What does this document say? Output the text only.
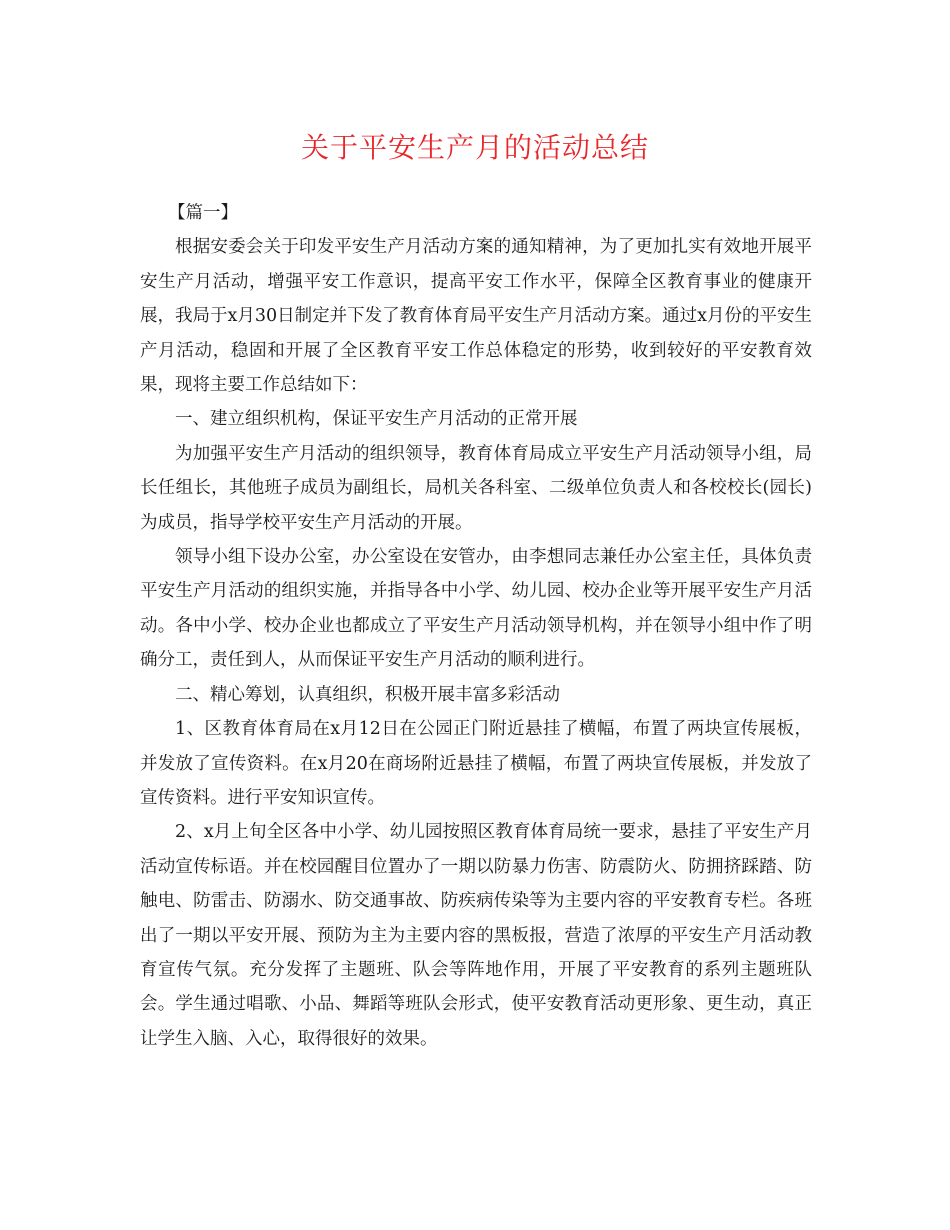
关于平安生产月的活动总结

【篇一】

根据安委会关于印发平安生产月活动方案的通知精神，为了更加扎实有效地开展平安生产月活动，增强平安工作意识，提高平安工作水平，保障全区教育事业的健康开展，我局于x月30日制定并下发了教育体育局平安生产月活动方案。通过x月份的平安生产月活动，稳固和开展了全区教育平安工作总体稳定的形势，收到较好的平安教育效果，现将主要工作总结如下：

一、建立组织机构，保证平安生产月活动的正常开展

为加强平安生产月活动的组织领导，教育体育局成立平安生产月活动领导小组，局长任组长，其他班子成员为副组长，局机关各科室、二级单位负责人和各校校长(园长)为成员，指导学校平安生产月活动的开展。

领导小组下设办公室，办公室设在安管办，由李想同志兼任办公室主任，具体负责平安生产月活动的组织实施，并指导各中小学、幼儿园、校办企业等开展平安生产月活动。各中小学、校办企业也都成立了平安生产月活动领导机构，并在领导小组中作了明确分工，责任到人，从而保证平安生产月活动的顺利进行。

二、精心筹划，认真组织，积极开展丰富多彩活动

1、区教育体育局在x月12日在公园正门附近悬挂了横幅，布置了两块宣传展板，并发放了宣传资料。在x月20在商场附近悬挂了横幅，布置了两块宣传展板，并发放了宣传资料。进行平安知识宣传。

2、x月上旬全区各中小学、幼儿园按照区教育体育局统一要求，悬挂了平安生产月活动宣传标语。并在校园醒目位置办了一期以防暴力伤害、防震防火、防拥挤踩踏、防触电、防雷击、防溺水、防交通事故、防疾病传染等为主要内容的平安教育专栏。各班出了一期以平安开展、预防为主为主要内容的黑板报，营造了浓厚的平安生产月活动教育宣传气氛。充分发挥了主题班、队会等阵地作用，开展了平安教育的系列主题班队会。学生通过唱歌、小品、舞蹈等班队会形式，使平安教育活动更形象、更生动，真正让学生入脑、入心，取得很好的效果。
